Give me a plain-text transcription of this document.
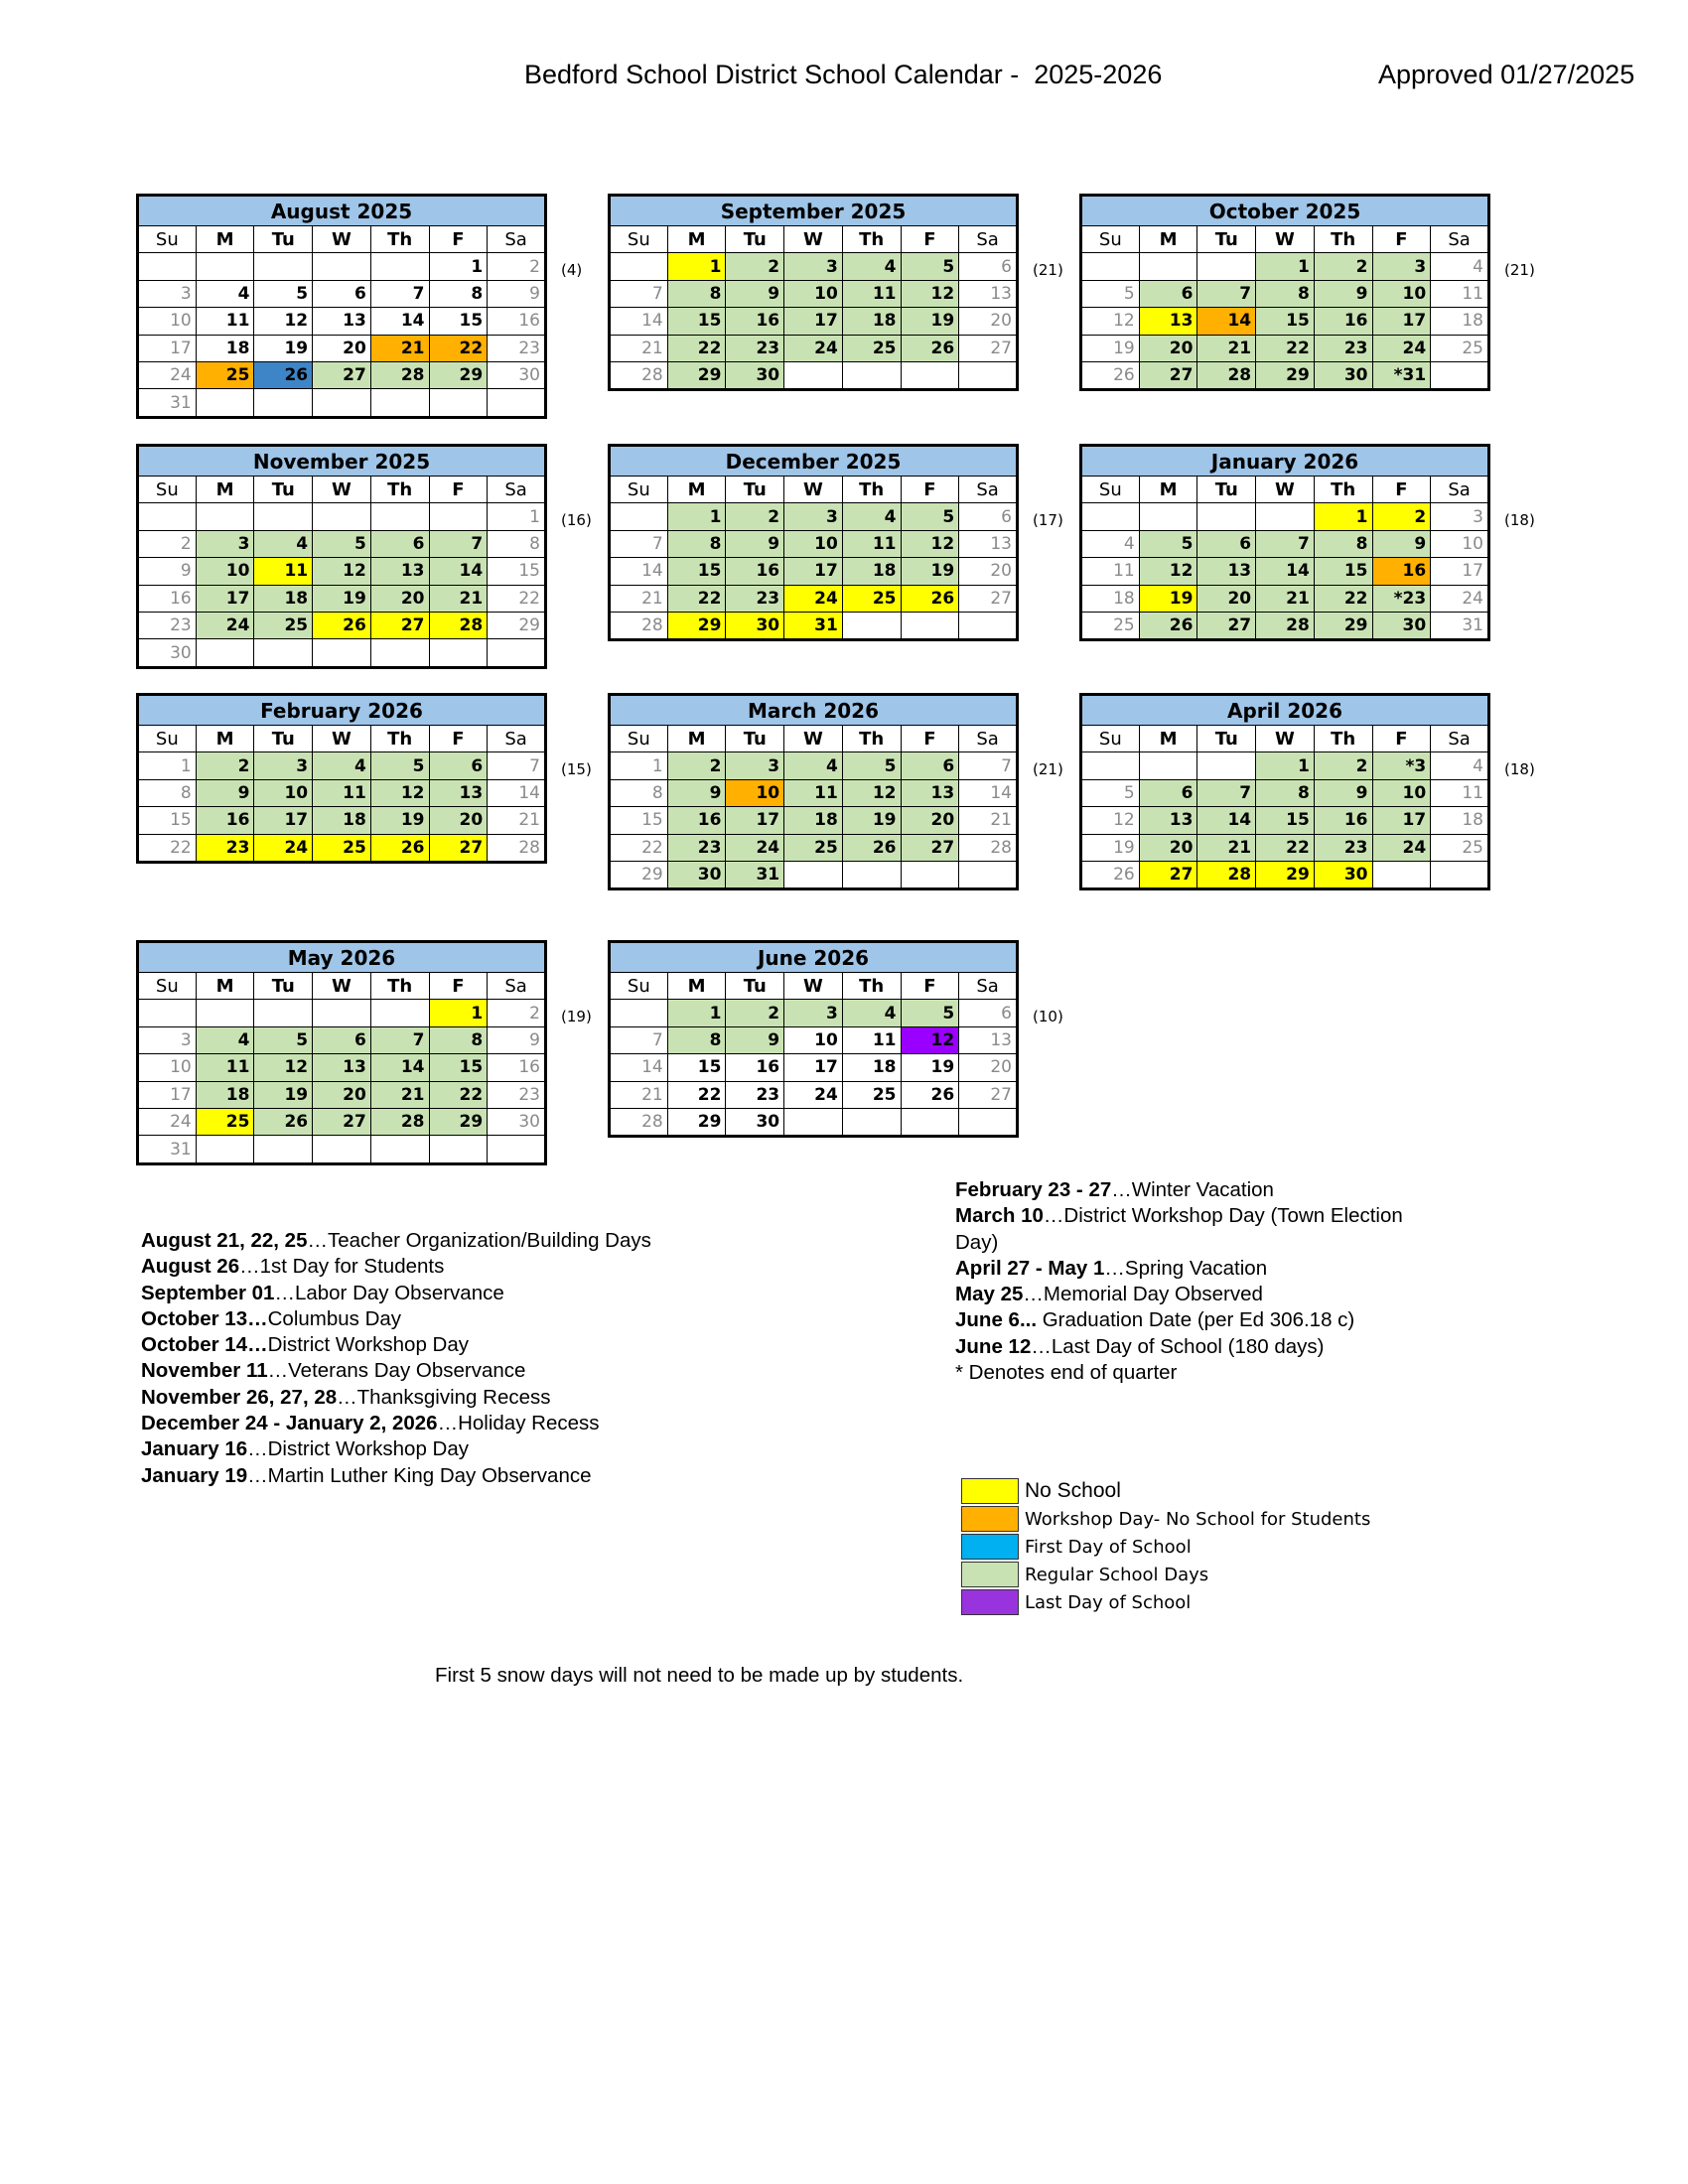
Bedford School District School Calendar -  2025-2026	Approved 01/27/2025
August 2025						
Su	M	Tu	W	Th	F	Sa
					1	2
3	4	5	6	7	8	9
10	11	12	13	14	15	16
17	18	19	20	21	22	23
24	25	26	27	28	29	30
31						
(4)
September 2025						
Su	M	Tu	W	Th	F	Sa
	1	2	3	4	5	6
7	8	9	10	11	12	13
14	15	16	17	18	19	20
21	22	23	24	25	26	27
28	29	30				
(21)
October 2025						
Su	M	Tu	W	Th	F	Sa
			1	2	3	4
5	6	7	8	9	10	11
12	13	14	15	16	17	18
19	20	21	22	23	24	25
26	27	28	29	30	*31	
(21)
November 2025						
Su	M	Tu	W	Th	F	Sa
						1
2	3	4	5	6	7	8
9	10	11	12	13	14	15
16	17	18	19	20	21	22
23	24	25	26	27	28	29
30						
(16)
December 2025						
Su	M	Tu	W	Th	F	Sa
	1	2	3	4	5	6
7	8	9	10	11	12	13
14	15	16	17	18	19	20
21	22	23	24	25	26	27
28	29	30	31			
(17)
January 2026						
Su	M	Tu	W	Th	F	Sa
				1	2	3
4	5	6	7	8	9	10
11	12	13	14	15	16	17
18	19	20	21	22	*23	24
25	26	27	28	29	30	31
(18)
February 2026						
Su	M	Tu	W	Th	F	Sa
1	2	3	4	5	6	7
8	9	10	11	12	13	14
15	16	17	18	19	20	21
22	23	24	25	26	27	28
(15)
March 2026						
Su	M	Tu	W	Th	F	Sa
1	2	3	4	5	6	7
8	9	10	11	12	13	14
15	16	17	18	19	20	21
22	23	24	25	26	27	28
29	30	31				
(21)
April 2026						
Su	M	Tu	W	Th	F	Sa
			1	2	*3	4
5	6	7	8	9	10	11
12	13	14	15	16	17	18
19	20	21	22	23	24	25
26	27	28	29	30		
(18)
May 2026						
Su	M	Tu	W	Th	F	Sa
					1	2
3	4	5	6	7	8	9
10	11	12	13	14	15	16
17	18	19	20	21	22	23
24	25	26	27	28	29	30
31						
(19)
June 2026						
Su	M	Tu	W	Th	F	Sa
	1	2	3	4	5	6
7	8	9	10	11	12	13
14	15	16	17	18	19	20
21	22	23	24	25	26	27
28	29	30				
(10)
August 21, 22, 25…Teacher Organization/Building Days
August 26…1st Day for Students
September 01…Labor Day Observance
October 13…Columbus Day
October 14…District Workshop Day
November 11…Veterans Day Observance
November 26, 27, 28…Thanksgiving Recess
December 24 - January 2, 2026…Holiday Recess
January 16…District Workshop Day
January 19…Martin Luther King Day Observance
February 23 - 27…Winter Vacation
March 10…District Workshop Day (Town Election
Day)
April 27 - May 1…Spring Vacation
May 25…Memorial Day Observed
June 6... Graduation Date (per Ed 306.18 c)
June 12…Last Day of School (180 days)
* Denotes end of quarter
No School
Workshop Day- No School for Students
First Day of School
Regular School Days
Last Day of School
First 5 snow days will not need to be made up by students.
